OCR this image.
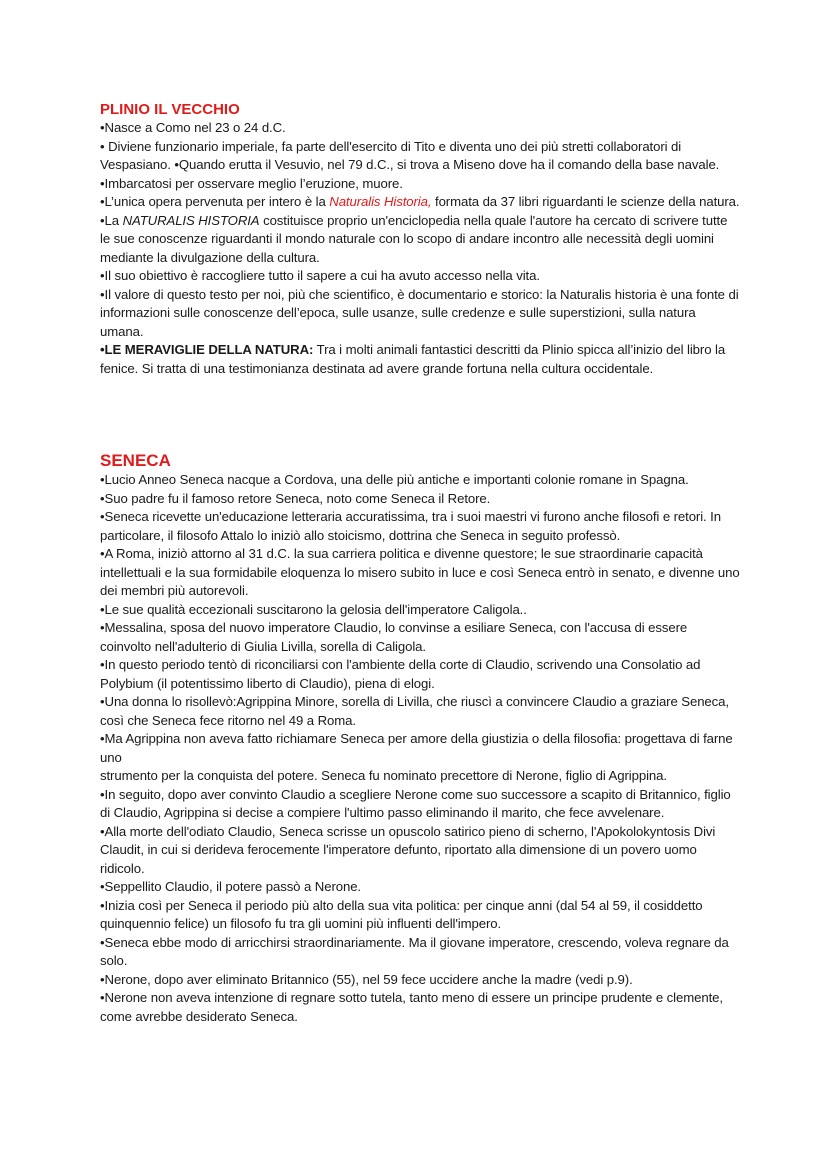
PLINIO IL VECCHIO

•Nasce a Como nel 23 o 24 d.C.

• Diviene funzionario imperiale, fa parte dell'esercito di Tito e diventa uno dei più stretti collaboratori di Vespasiano. •Quando erutta il Vesuvio, nel 79 d.C., si trova a Miseno dove ha il comando della base navale.

•Imbarcatosi per osservare meglio l’eruzione, muore.

•L’unica opera pervenuta per intero è la Naturalis Historia, formata da 37 libri riguardanti le scienze della natura.

•La NATURALIS HISTORIA costituisce proprio un'enciclopedia nella quale l'autore ha cercato di scrivere tutte le sue conoscenze riguardanti il mondo naturale con lo scopo di andare incontro alle necessità degli uomini mediante la divulgazione della cultura.

•Il suo obiettivo è raccogliere tutto il sapere a cui ha avuto accesso nella vita.

•Il valore di questo testo per noi, più che scientifico, è documentario e storico: la Naturalis historia è una fonte di informazioni sulle conoscenze dell’epoca, sulle usanze, sulle credenze e sulle superstizioni, sulla natura umana.

•LE MERAVIGLIE DELLA NATURA: Tra i molti animali fantastici descritti da Plinio spicca all’inizio del libro la fenice. Si tratta di una testimonianza destinata ad avere grande fortuna nella cultura occidentale.

SENECA

•Lucio Anneo Seneca nacque a Cordova, una delle più antiche e importanti colonie romane in Spagna.

•Suo padre fu il famoso retore Seneca, noto come Seneca il Retore.

•Seneca ricevette un'educazione letteraria accuratissima, tra i suoi maestri vi furono anche filosofi e retori. In particolare, il filosofo Attalo lo iniziò allo stoicismo, dottrina che Seneca in seguito professò.

•A Roma, iniziò attorno al 31 d.C. la sua carriera politica e divenne questore; le sue straordinarie capacità intellettuali e la sua formidabile eloquenza lo misero subito in luce e così Seneca entrò in senato, e divenne uno dei membri più autorevoli.

•Le sue qualità eccezionali suscitarono la gelosia dell'imperatore Caligola..

•Messalina, sposa del nuovo imperatore Claudio, lo convinse a esiliare Seneca, con l'accusa di essere coinvolto nell'adulterio di Giulia Livilla, sorella di Caligola.

•In questo periodo tentò di riconciliarsi con l'ambiente della corte di Claudio, scrivendo una Consolatio ad Polybium (il potentissimo liberto di Claudio), piena di elogi.

•Una donna lo risollevò:Agrippina Minore, sorella di Livilla, che riuscì a convincere Claudio a graziare Seneca, così che Seneca fece ritorno nel 49 a Roma.

•Ma Agrippina non aveva fatto richiamare Seneca per amore della giustizia o della filosofia: progettava di farne uno

strumento per la conquista del potere. Seneca fu nominato precettore di Nerone, figlio di Agrippina.

•In seguito, dopo aver convinto Claudio a scegliere Nerone come suo successore a scapito di Britannico, figlio di Claudio, Agrippina si decise a compiere l'ultimo passo eliminando il marito, che fece avvelenare.

•Alla morte dell'odiato Claudio, Seneca scrisse un opuscolo satirico pieno di scherno, l'Apokolokyntosis Divi Claudit, in cui si derideva ferocemente l'imperatore defunto, riportato alla dimensione di un povero uomo ridicolo.

•Seppellito Claudio, il potere passò a Nerone.

•Inizia così per Seneca il periodo più alto della sua vita politica: per cinque anni (dal 54 al 59, il cosiddetto quinquennio felice) un filosofo fu tra gli uomini più influenti dell'impero.

•Seneca ebbe modo di arricchirsi straordinariamente. Ma il giovane imperatore, crescendo, voleva regnare da solo.

•Nerone, dopo aver eliminato Britannico (55), nel 59 fece uccidere anche la madre (vedi p.9).

•Nerone non aveva intenzione di regnare sotto tutela, tanto meno di essere un principe prudente e clemente, come avrebbe desiderato Seneca.
